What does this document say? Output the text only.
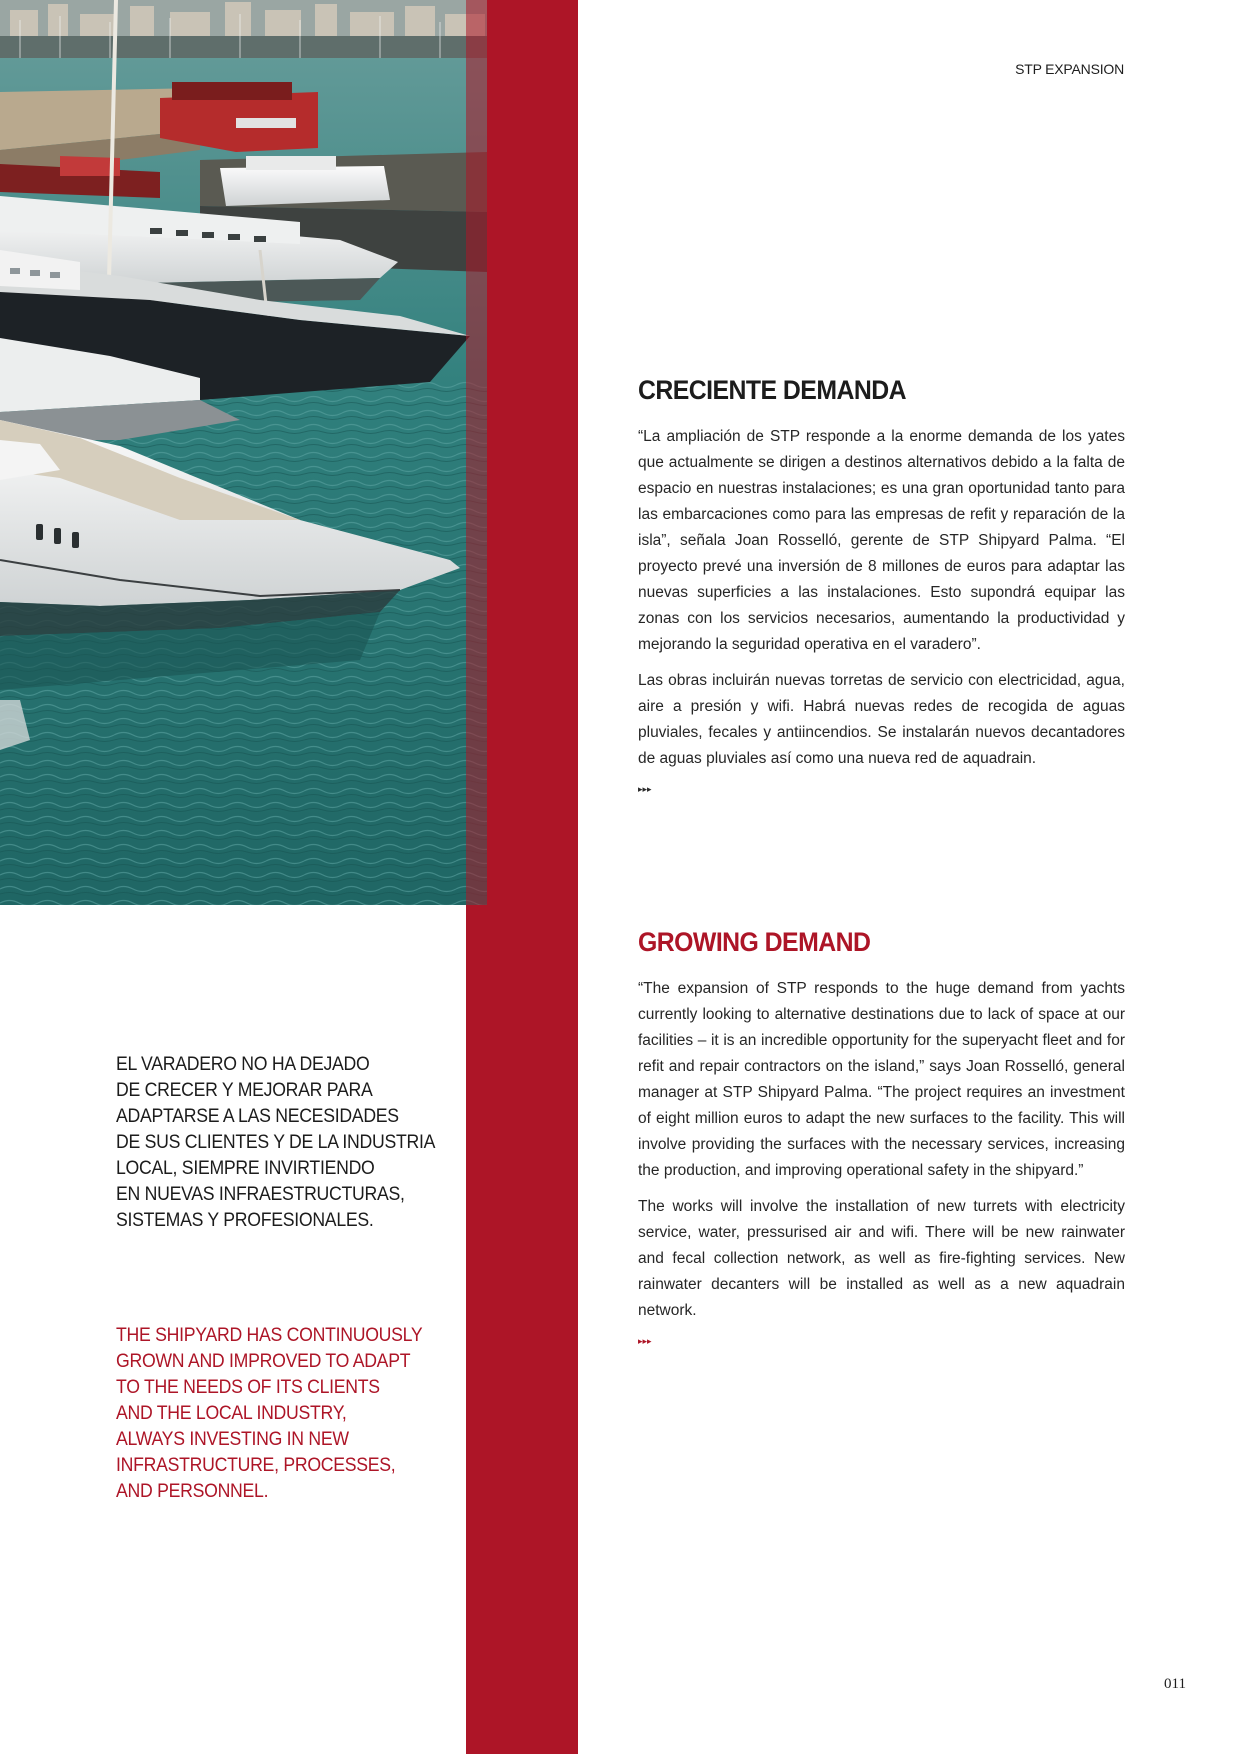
STP EXPANSION
CRECIENTE DEMANDA

“La ampliación de STP responde a la enorme demanda de los yates que actualmente se dirigen a destinos alternativos debido a la falta de espacio en nuestras instalaciones; es una gran oportunidad tanto para las embarcaciones como para las empresas de refit y reparación de la isla”, señala Joan Rosselló, gerente de STP Shipyard Palma. “El proyecto prevé una inversión de 8 millones de euros para adaptar las nuevas superficies a las instalaciones. Esto supondrá equipar las zonas con los servicios necesarios, aumentando la productividad y mejorando la seguridad operativa en el varadero”.

Las obras incluirán nuevas torretas de servicio con electricidad, agua, aire a presión y wifi. Habrá nuevas redes de recogida de aguas pluviales, fecales y antiincendios. Se instalarán nuevos decantadores de aguas pluviales así como una nueva red de aquadrain.

▸▸▸
GROWING DEMAND

“The expansion of STP responds to the huge demand from yachts currently looking to alternative destinations due to lack of space at our facilities – it is an incredible opportunity for the superyacht fleet and for refit and repair contractors on the island,” says Joan Rosselló, general manager at STP Shipyard Palma. “The project requires an investment of eight million euros to adapt the new surfaces to the facility. This will involve providing the surfaces with the necessary services, increasing the production, and improving operational safety in the shipyard.”

The works will involve the installation of new turrets with electricity service, water, pressurised air and wifi. There will be new rainwater and fecal collection network, as well as fire-fighting services. New rainwater decanters will be installed as well as a new aquadrain network.

▸▸▸
EL VARADERO NO HA DEJADO
DE CRECER Y MEJORAR PARA
ADAPTARSE A LAS NECESIDADES
DE SUS CLIENTES Y DE LA INDUSTRIA
LOCAL, SIEMPRE INVIRTIENDO
EN NUEVAS INFRAESTRUCTURAS,
SISTEMAS Y PROFESIONALES.
THE SHIPYARD HAS CONTINUOUSLY
GROWN AND IMPROVED TO ADAPT
TO THE NEEDS OF ITS CLIENTS
AND THE LOCAL INDUSTRY,
ALWAYS INVESTING IN NEW
INFRASTRUCTURE, PROCESSES,
AND PERSONNEL.
011
